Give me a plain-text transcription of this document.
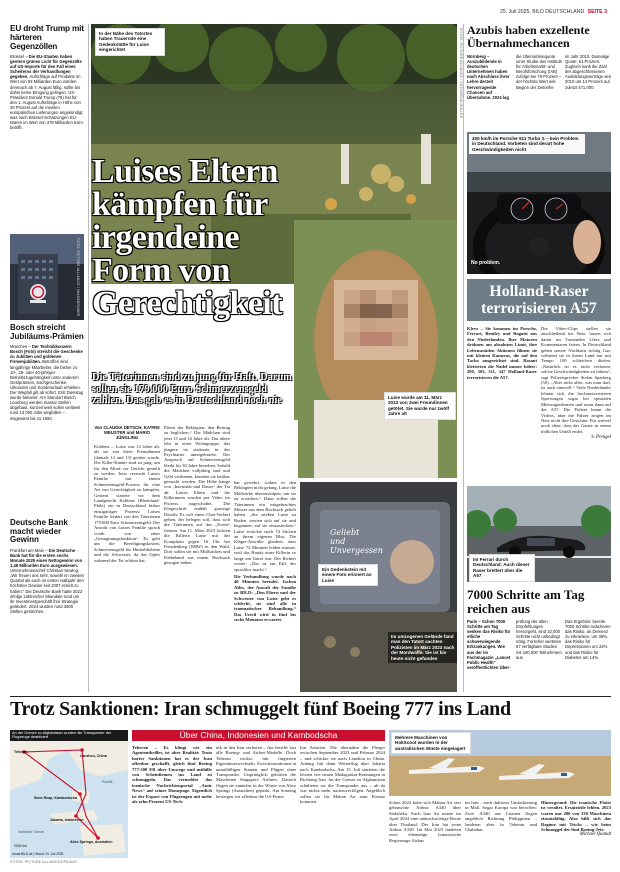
25. Juli 2025, BILD DEUTSCHLAND SEITE 3
EU droht Trump mit härteren Gegenzöllen
Brüssel – Die EU-Staaten haben gestern grünes Licht für Gegenzölle auf US-Importe für den Fall eines Scheiterns der Verhandlungen gegeben. Aufschläge auf Produkte im Wert von 93 Milliarden Euro würden demnach ab 7. August fällig, sollte bis dahin keine Einigung gelingen. US-Präsident Donald Trump (79) hat für den 1. August Aufschläge in Höhe von 30 Prozent auf die meisten europäischen Lieferungen angekündigt, was nach Brüssel-Schätzungen EU-Waren im Wert von 379 Milliarden Euro betrifft.
FOTO: PICTURE ALLIANCE / IMAGEBROKER
Bosch streicht Jubiläums-Prämien
München – Der Technikkonzern Bosch (Foto) streicht die Geschenke zu Jubiläen und goldenen Firmenjubiläen. Betroffen sind langjährige Mitarbeiter, die bisher zu 10-, 25- oder 40-jähriger Betriebszugehörigkeit unter anderem Geldprämien, Sachgeschenke, Urkunden und Sonderurlaub erhielten. Der Wegfall gilt ab sofort. Erst Dienstag wurde bekannt: Am Standort Bosch Leonberg werden massiv Stellen abgebaut, konzernweit sollen weltweit rund 13 000 Jobs wegfallen – insgesamt bis zu 1560.
Deutsche Bank macht wieder Gewinn
Frankfurt am Main – Die Deutsche Bank hat für die ersten sechs Monate 2025 einen Nettogewinn von 1,48 Milliarden Euro ausgewiesen. Unternehmenschef Christian Sewing: „Wir freuen uns sehr, sowohl im zweiten Quartal als auch im ersten Halbjahr den höchsten Gewinn seit 2007 erzielt zu haben.“ Die Deutsche Bank hatte 2023 infolge zahlreicher Skandale rund um ihr Investmentgeschäft ihre Strategie geändert. 2024 wurden rund 3500 Stellen gestrichen.
In der Nähe des Tatortes haben Trauernde eine Gedenkstätte für Luise eingerichtet
Luise wurde am 11. März 2023 von zwei Freundinnen getötet. Sie wurde nur zwölf Jahre alt
FOTOS: PICTURE ALLIANCE / KATHARINA MÜLLER
Luises Eltern kämpfen für irgendeine Form von Gerechtigkeit
Die Täterinnen sind zu jung für Haft. Darum sollen sie 179.000 Euro Schmerzensgeld zahlen. Das gab es in Deutschland noch nie
Von CLAUDIA DETSCH, KATRIN WEUSTER und MARIO JÜNGLING
Koblenz – Luise war 12 Jahre alt, als sie von ihren Freundinnen (damals 12 und 13) getötet wurde. Die Killer-Kinder sind zu jung, um für den Mord vor Gericht gestellt zu werden. Jetzt verzucht Luises Familie mit einem Schmerzensgeld-Prozess für eine Art von Gerechtigkeit zu kämpfen. Gestern startete vor dem Landgericht Koblenz (Rheinland-Pfalz) ein in Deutschland bisher einzigartiger Prozess: Luises Familie fordert von den Täterinnen 179.000 Euro Schmerzensgeld. Der Anwalt von Luises Familie sprach vorab von einer „Genugtuungsfunktion“. Es geht um die Beerdigungskosten, Schmerzensgeld für Hinterbliebene und die Schwester, da das Opfer während der Tat erlitten hat.
Eltern der Beklagten, den Beitrag zu beglichen.“ Die Mädchen sind jetzt 15 und 16 Jahre alt. Das ältere lebt in einer Wohngruppe, das jüngere ist stationär in der Psychiatrie untergebracht. Der Anspruch auf Schmerzensgeld bleibt für 30 Jahre bestehen. Sobald die Mädchen volljährig sind und Geld verdienen, könnten sie haftbar gemacht werden. Die Höhe hänge von „Intensität und Dauer“ der Tat ab. Luises Eltern und die Killerinnen wurden per Video im Prozess zugeschaltet. Die Klageschrift enthält grausige Details: Es soll einen Chat-Verlauf geben, der belegen soll, dass sich die Täterinnen auf das „Event“ freuten. Am 11. März 2023 lockten die Killerin Luise mit der Komplizin gegen 16 Uhr bei Freudenberg (NRW) in den Wald. Dort sollen sie mit Müllsäcken und Klebeband aus einem Rucksack gezogen haben.
bar gewehrt, sodass es den Beklagten nicht gelang, Luise die Müllsäcke überzustülpen, um sie zu ersticken.“ Dann sollen die Täterinnen ein mitgebrachtes Messer aus dem Rucksack geholt haben. „Sie stießen Luise zu Boden, setzten sich auf sie und begannen, auf sie einzustechen.“ Luise erstickte nach 74 Stichen an ihrem eigenen Blut. Die Kläger-Anwälte glauben, dass Luise 72 Minuten leiden musste, weil das Handy einer Killerin so lange am Tatort war. Der Richter weiter: „Das ist ein Fall, der sprachlos macht.“
Die Verhandlung wurde nach 40 Minuten beendet. Jochen Alfes, der Anwalt der Familie zu BILD: „Den Eltern und der Schwester von Luise geht es schlecht, sie sind alle in traumatischer Behandlung.“ Das Urteil wird in fünf bis sechs Monaten erwartet.
Geliebt
und
Unvergessen
Ein Gedenkstein mit einem Foto erinnert an Luise
Im umzogenen Gelände fand man den Tatort sachten Polizisten im März 2023 nach der Mordwaffe. Sie ist bis heute nicht gefunden
Azubis haben exzellente Übernahmechancen
Nürnberg – Auszubildende in deutschen Unternehmen haben nach Abschluss ihrer Lehre derzeit hervorragende Chancen auf Übernahme. 2024 lag
die Übernahmequote einer Studie des Instituts für Arbeitsmarkt- und Berufsforschung (IAB) zufolge bei 79 Prozent – der höchste Wert seit Beginn der Zeitreihe
im Jahr 2010. Damalige Quote: 61 Prozent. Zugleich sank die Zahl der abgeschlossenen Ausbildungsverträge seit 2010 um 14 Prozent auf zuletzt 471.000.
330 km/h im Porsche 911 Turbo S – kein Problem in Deutschland. Vorbeten sind derart hohe Geschwindigkeiten nicht
No problem.
Holland-Raser terrorisieren A57
Kleve – Sie kommen im Porsche, Ferrari, Bentley und Bugatti aus den Niederlanden. Ihre Motoren dröhnen am absoluten Limit, ihre Lebensmüden Aktionen filmen sie mit kleinen Kameras, die auf den Tacho ausgerichtet sind. Rasant kletterten die Nadel immer höher: 280, 303, 311, 347 Holland-Raser terrorisieren die A57.
Die Video-Clips stellen sie anschließend ins Netz, lassen sich damit im Tausenden Likes und Kommentaren feiern. In Deutschland geben unsere Nachbarn richtig Gas, während sie in ihrem Land nur mit Tempo 100 schleichen dürfen. „Natürlich ist es nicht verboten, solche Geschwindigkeiten zu fahren“, sagt Polizeisprecher Stefan Sparberg (50). „Aber nicht alles, was man darf, ist auch sinnvoll.“ Viele Niederländer lehnen sich die hochmotorisierten Sportwagen sogar bei spezialen Mietwagenfirmen und rasen dann auf der A57. Die Polizei kennt die Videos, aber die Fahrer zeigen im Netz nicht ihre Gesichter. Für wieviel noch ohne, dass das Ganze in einem tödlichen Unfall endet.
S. Prengel
Im Ferrari durch Deutschland: Auch dieser Raser brettert über die A57
7000 Schritte am Tag reichen aus
Paris – Schon 7000 Schritte am Tag senken das Risiko für etliche schwerwiegende Erkrankungen. Wie aus der im Fachmagazin „Lancet Public Health“ veröffentlichten Über-
prüfung der alten Empfehlungen hervorgeht, sind 10.000 Schritte nicht unbedingt nötig. Forscher werteten 57 verfügbare Studien mit 160.000 Teilnehmern aus.
Das Ergebnis: bereits 7000 Schritte reduzieren das Risiko, an Demenz zu erkranken, um 38%, das Risiko für Depressionen um 22% und das Risiko für Diabetes um 14%.
Trotz Sanktionen: Iran schmuggelt fünf Boeing 777 ins Land
An der Grenze zu Afghanistan wurden die Transponder der Flugzeuge deaktiviert
Teheran
Lanzhou, China
Pazifik
Siem Reap, Kambodscha
Jakarta, Indonesien
Indischer Ozean
Alice Springs, Australien
2000 km
visual.BILD.de | Stand: 24. Juli 2025
FOTOS: PICTURE ALLIANCE/DPA/AAP
Über China, Indonesien und Kambodscha
Teheran – Es klingt wie ein Agententhriller, ist aber Realität: Trotz harter Sanktionen hat es der Iran offenbar geschafft, gleich fünf Boeing 777-200 ER über Umwege und mithilfe von Scheinfirmen ins Land zu schmuggeln. Das vermeldet das iranische Nachrichtenportal „Amir News“ auf seiner Homepage. Eigentlich ist der Export von Flugzeugen mit mehr als zehn Prozent US-Tech-
nik in den Iran verboten – das betrifft fast alle Boeing- und Airbus-Modelle. Doch Teheran trickst: mit fingierten Eigentümerwechseln, Zwischenstationen in unauffälligen Staaten und Flügen ohne Transponder. Ursprünglich gehörten die Maschinen Singapore Airlines. Danach flogen sie zunächst in der Wüste von Alice Springs (Australien) geparkt. Am Sonntag bestiegen wir offenbar die US-Firma
Ion Aviation. Die übernahm die Flieger zwischen September 2023 und Februar 2024 – und schickte sie nach Lanzhou in China. Anfang Juli dann Weiterflug über Jakarta nach Kambodscha. Am 15. Juli starteten die letzten vier neuen Madagaskar-Kennungen in Richtung Iran. An der Grenze zu Afghanistan schalteten sie die Transponder aus – ab da war nichts mehr nachzuverfolgen. Angeblich sollen sie für Mahan Air zum Einsatz kommen.
Mehrere Maschinen von HokScoot wurden in der australischen Wüste eingelagert
Schon 2022 holte sich Mahan Air vier gebrauchte Airbus A340 über Südafrika. Auch Iran Air nutzte im April 2024 eine undurchsichtige Route über Thailand. Der Iran hat seine Airbus A330. Im Mai 2023 landeten zwei ehemalige französische Regierungs-Airbus
im Iran – nach dubioser Umlackierung in Mali. Sogar Europa war betroffen: Zwei A340 aus Litauen flogen angeblich Richtung Philippinen – landeten aber in Teheran und Chabahar.
Hintergrund: Die iranische Flotte ist veraltet. Ersatzteile fehlen. 2023 waren nur 200 von 330 Maschinen einsatzfähig. Also hilft sich das Regime mit Tricks – wie beim Schmuggel der fünf Boeing-Jets.
Michael Quandt
